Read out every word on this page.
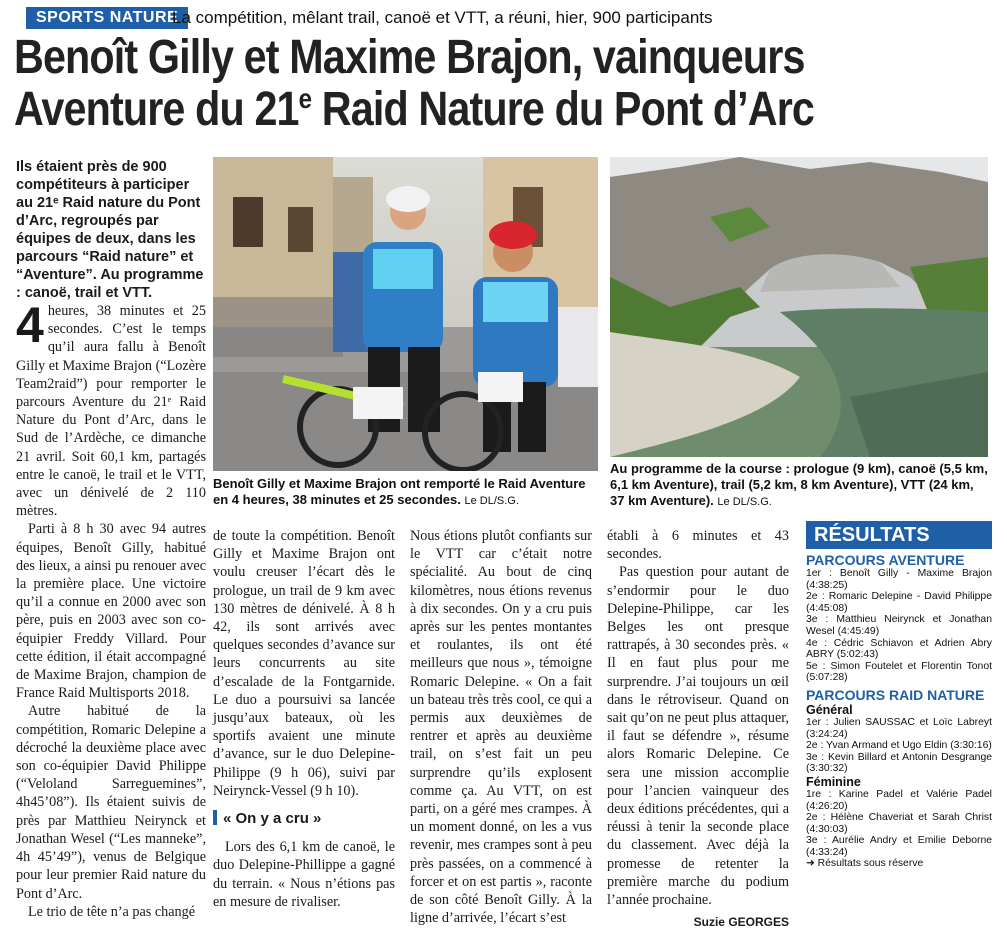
SPORTS NATURE
La compétition, mêlant trail, canoë et VTT, a réuni, hier, 900 participants
Benoît Gilly et Maxime Brajon, vainqueurs
Aventure du 21e Raid Nature du Pont d’Arc

Ils étaient près de 900 compétiteurs à participer au 21ᵉ Raid nature du Pont d’Arc, regroupés par équipes de deux, dans les parcours “Raid nature” et “Aventure”. Au programme : canoë, trail et VTT.

4 heures, 38 minutes et 25 secondes. C’est le temps qu’il aura fallu à Benoît Gilly et Maxime Brajon (“Lozère Team2raid”) pour remporter le parcours Aventure du 21ᵉ Raid Nature du Pont d’Arc, dans le Sud de l’Ardèche, ce dimanche 21 avril. Soit 60,1 km, partagés entre le canoë, le trail et le VTT, avec un dénivelé de 2 110 mètres.

Parti à 8 h 30 avec 94 autres équipes, Benoît Gilly, habitué des lieux, a ainsi pu renouer avec la première place. Une victoire qu’il a connue en 2000 avec son père, puis en 2003 avec son co-équipier Freddy Villard. Pour cette édition, il était accompagné de Maxime Brajon, champion de France Raid Multisports 2018.

Autre habitué de la compétition, Romaric Delepine a décroché la deuxième place avec son co-équipier David Philippe (“Veloland Sarreguemines”, 4h45’08”). Ils étaient suivis de près par Matthieu Neirynck et Jonathan Wesel (“Les manneke”, 4h 45’49”), venus de Belgique pour leur premier Raid nature du Pont d’Arc.

Le trio de tête n’a pas changé

Benoît Gilly et Maxime Brajon ont remporté le Raid Aventure en 4 heures, 38 minutes et 25 secondes. Le DL/S.G.
Au programme de la course : prologue (9 km), canoë (5,5 km, 6,1 km Aventure), trail (5,2 km, 8 km Aventure), VTT (24 km, 37 km Aventure). Le DL/S.G.

de toute la compétition. Benoît Gilly et Maxime Brajon ont voulu creuser l’écart dès le prologue, un trail de 9 km avec 130 mètres de dénivelé. À 8 h 42, ils sont arrivés avec quelques secondes d’avance sur leurs concurrents au site d’escalade de la Fontgarnide. Le duo a poursuivi sa lancée jusqu’aux bateaux, où les sportifs avaient une minute d’avance, sur le duo Delepine-Philippe (9 h 06), suivi par Neirynck-Vessel (9 h 10).

« On y a cru »

Lors des 6,1 km de canoë, le duo Delepine-Phillippe a gagné du terrain. « Nous n’étions pas en mesure de rivaliser.

Nous étions plutôt confiants sur le VTT car c’était notre spécialité. Au bout de cinq kilomètres, nous étions revenus à dix secondes. On y a cru puis après sur les pentes montantes et roulantes, ils ont été meilleurs que nous », témoigne Romaric Delepine. « On a fait un bateau très très cool, ce qui a permis aux deuxièmes de rentrer et après au deuxième trail, on s’est fait un peu surprendre qu’ils explosent comme ça. Au VTT, on est parti, on a géré mes crampes. À un moment donné, on les a vus revenir, mes crampes sont à peu près passées, on a commencé à forcer et on est partis », raconte de son côté Benoît Gilly. À la ligne d’arrivée, l’écart s’est

établi à 6 minutes et 43 secondes.

Pas question pour autant de s’endormir pour le duo Delepine-Philippe, car les Belges les ont presque rattrapés, à 30 secondes près. « Il en faut plus pour me surprendre. J’ai toujours un œil dans le rétroviseur. Quand on sait qu’on ne peut plus attaquer, il faut se défendre », résume alors Romaric Delepine. Ce sera une mission accomplie pour l’ancien vainqueur des deux éditions précédentes, qui a réussi à tenir la seconde place du classement. Avec déjà la promesse de retenter la première marche du podium l’année prochaine.

Suzie GEORGES
RÉSULTATS
PARCOURS AVENTURE
1er : Benoît Gilly - Maxime Brajon (4:38:25)
2e : Romaric Delepine - David Philippe (4:45:08)
3e : Matthieu Neirynck et Jonathan Wesel (4:45:49)
4e : Cédric Schiavon et Adrien Abry ABRY (5:02:43)
5e : Simon Foutelet et Florentin Tonot (5:07:28)
PARCOURS RAID NATURE
Général
1er : Julien SAUSSAC et Loïc Labreyt (3:24:24)
2e : Yvan Armand et Ugo Eldin (3:30:16)
3e : Kevin Billard et Antonin Desgrange (3:30:32)
Féminine
1re : Karine Padel et Valérie Padel (4:26:20)
2e : Hélène Chaveriat et Sarah Christ (4:30:03)
3e : Aurélie Andry et Emilie Deborne (4:33:24)
➜ Résultats sous réserve
